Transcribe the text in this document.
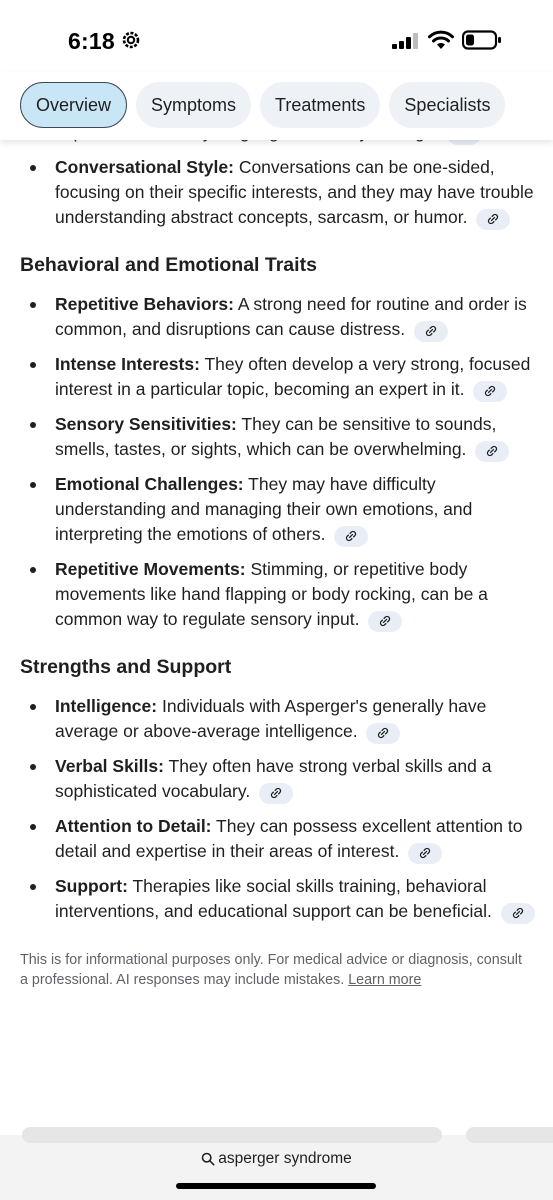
6:18
Overview	Symptoms	Treatments	Specialists
Conversational Style: Conversations can be one-sided, focusing on their specific interests, and they may have trouble understanding abstract concepts, sarcasm, or humor.
Behavioral and Emotional Traits
Repetitive Behaviors: A strong need for routine and order is common, and disruptions can cause distress.
Intense Interests: They often develop a very strong, focused interest in a particular topic, becoming an expert in it.
Sensory Sensitivities: They can be sensitive to sounds, smells, tastes, or sights, which can be overwhelming.
Emotional Challenges: They may have difficulty understanding and managing their own emotions, and interpreting the emotions of others.
Repetitive Movements: Stimming, or repetitive body movements like hand flapping or body rocking, can be a common way to regulate sensory input.
Strengths and Support
Intelligence: Individuals with Asperger's generally have average or above-average intelligence.
Verbal Skills: They often have strong verbal skills and a sophisticated vocabulary.
Attention to Detail: They can possess excellent attention to detail and expertise in their areas of interest.
Support: Therapies like social skills training, behavioral interventions, and educational support can be beneficial.

This is for informational purposes only. For medical advice or diagnosis, consult a professional. AI responses may include mistakes. Learn more

asperger syndrome
